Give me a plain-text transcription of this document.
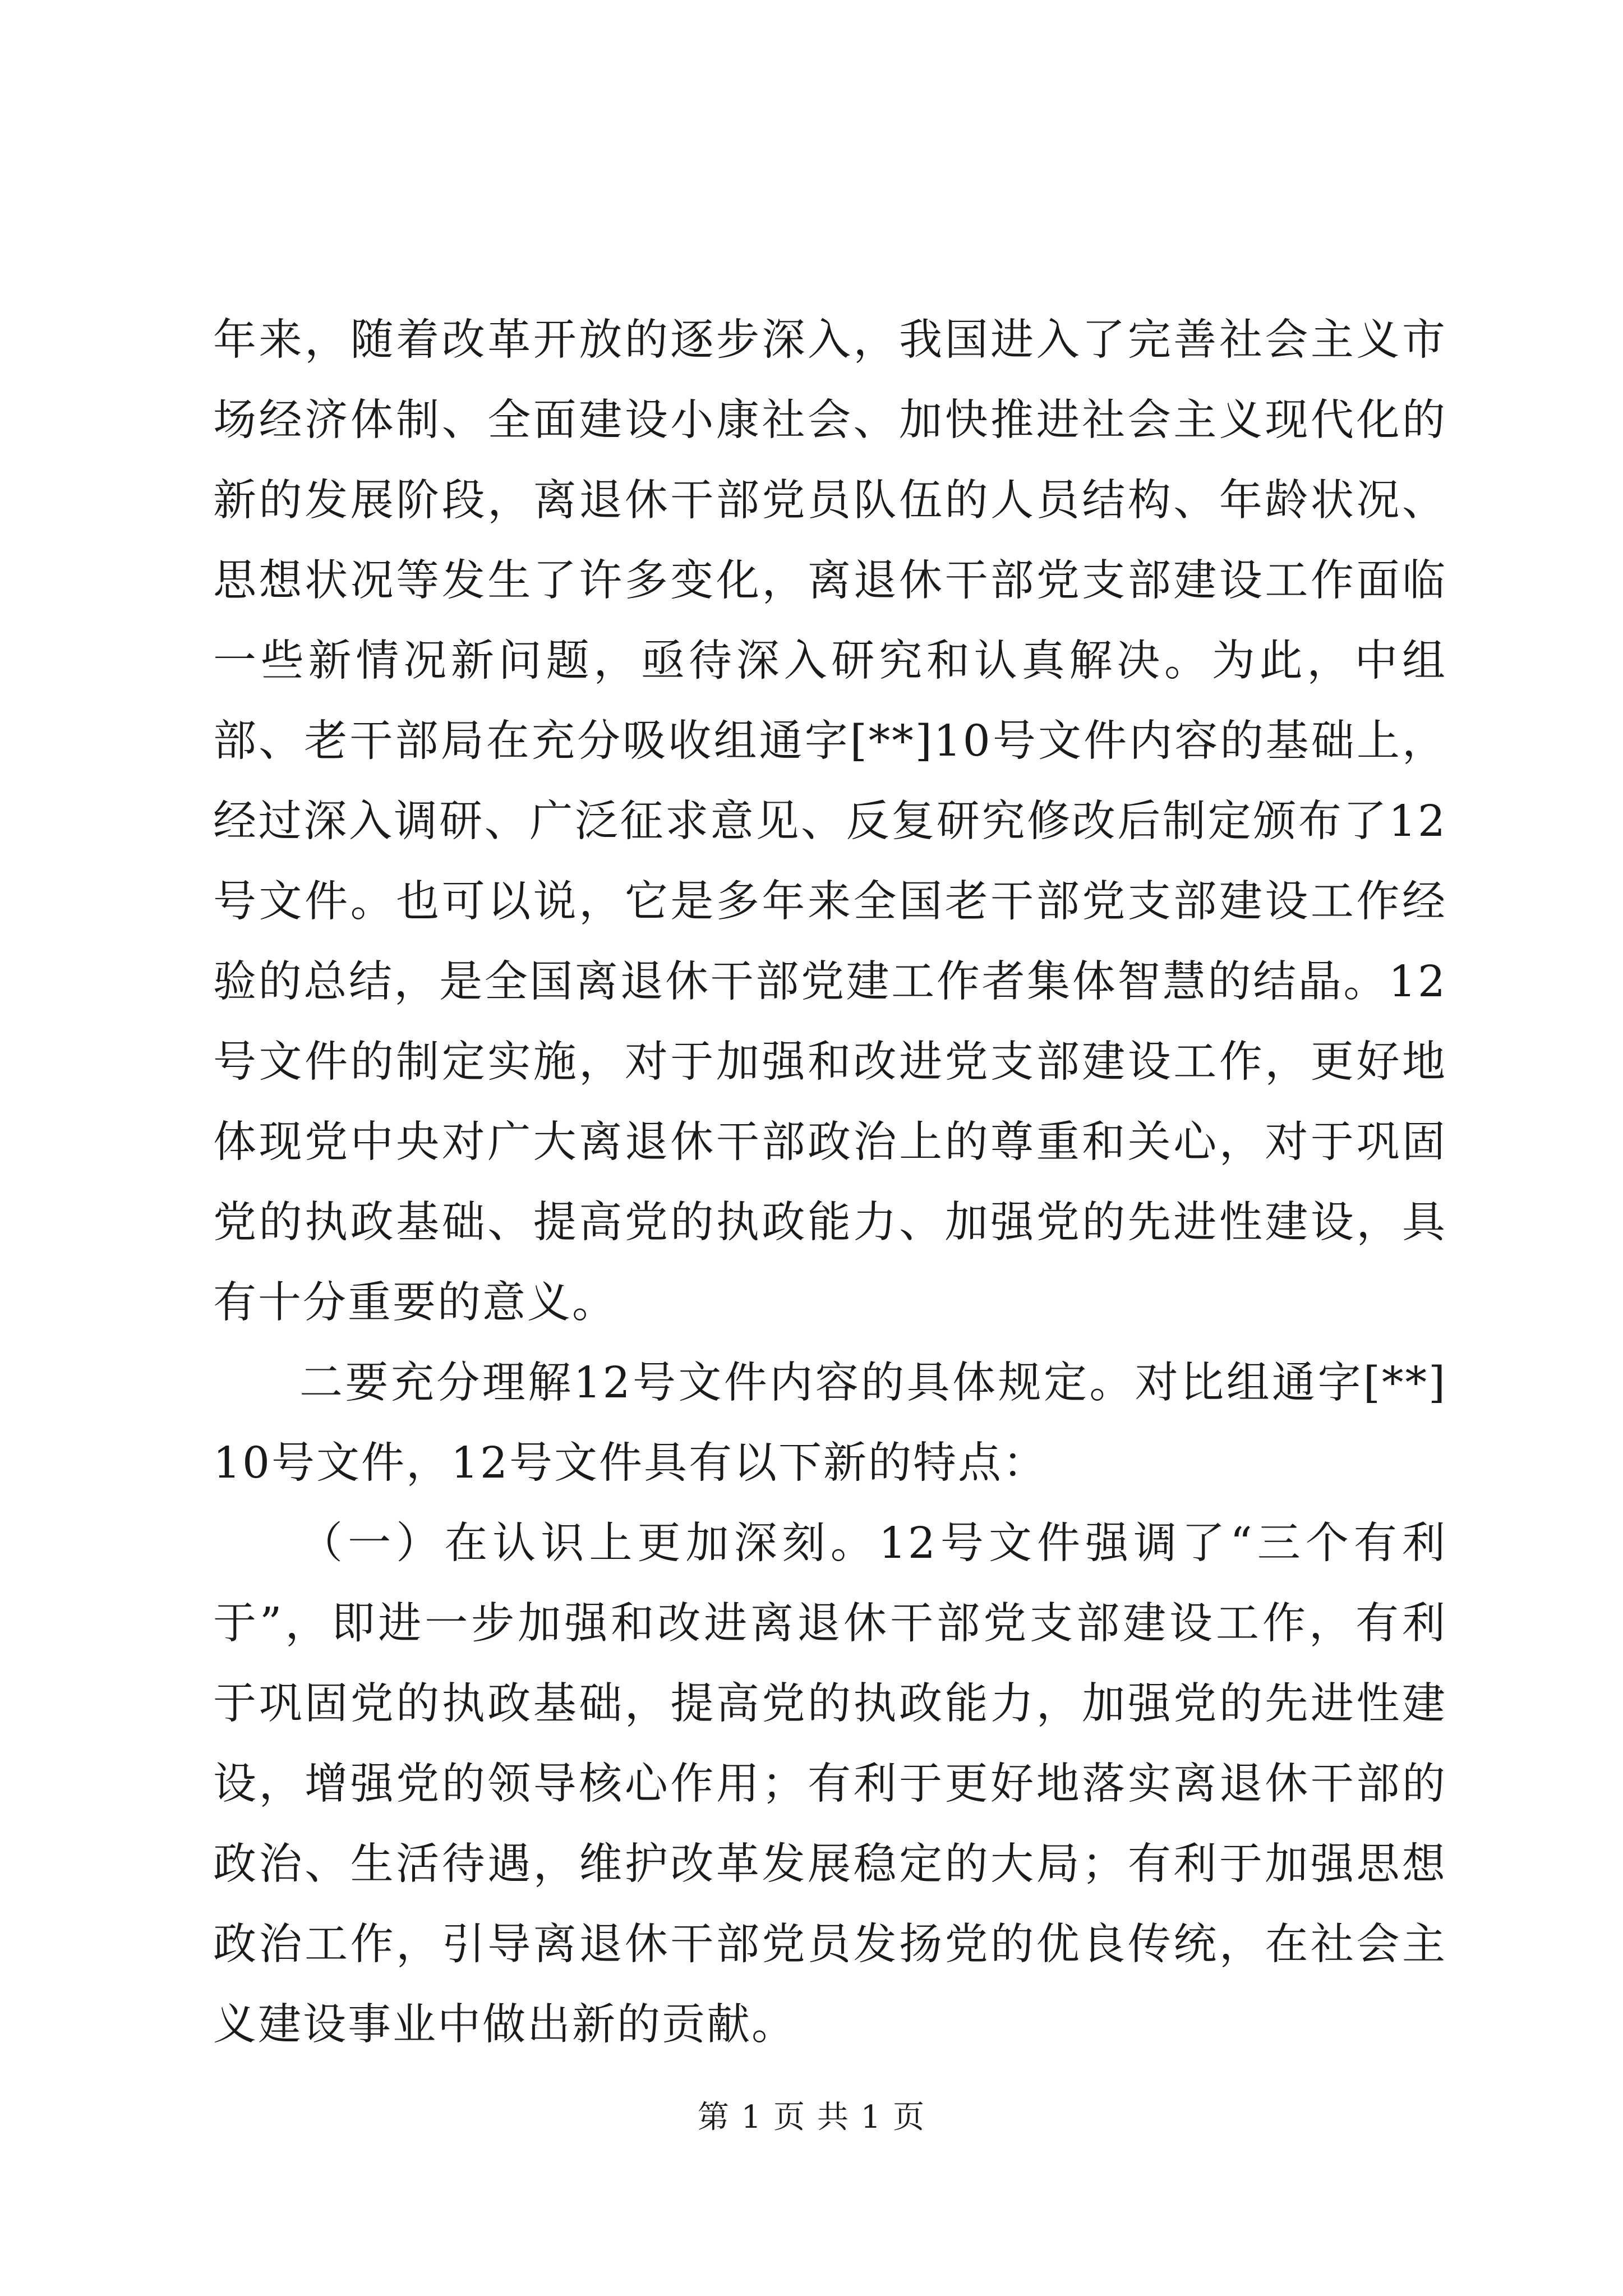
年来，随着改革开放的逐步深入，我国进入了完善社会主义市场经济体制、全面建设小康社会、加快推进社会主义现代化的新的发展阶段，离退休干部党员队伍的人员结构、年龄状况、思想状况等发生了许多变化，离退休干部党支部建设工作面临一些新情况新问题，亟待深入研究和认真解决。为此，中组部、老干部局在充分吸收组通字[**]10号文件内容的基础上，经过深入调研、广泛征求意见、反复研究修改后制定颁布了12号文件。也可以说，它是多年来全国老干部党支部建设工作经验的总结，是全国离退休干部党建工作者集体智慧的结晶。12号文件的制定实施，对于加强和改进党支部建设工作，更好地体现党中央对广大离退休干部政治上的尊重和关心，对于巩固党的执政基础、提高党的执政能力、加强党的先进性建设，具有十分重要的意义。

二要充分理解12号文件内容的具体规定。对比组通字[**]10号文件，12号文件具有以下新的特点：

（一）在认识上更加深刻。12号文件强调了“三个有利于”，即进一步加强和改进离退休干部党支部建设工作，有利于巩固党的执政基础，提高党的执政能力，加强党的先进性建设，增强党的领导核心作用；有利于更好地落实离退休干部的政治、生活待遇，维护改革发展稳定的大局；有利于加强思想政治工作，引导离退休干部党员发扬党的优良传统，在社会主义建设事业中做出新的贡献。

第 1 页 共 1 页
